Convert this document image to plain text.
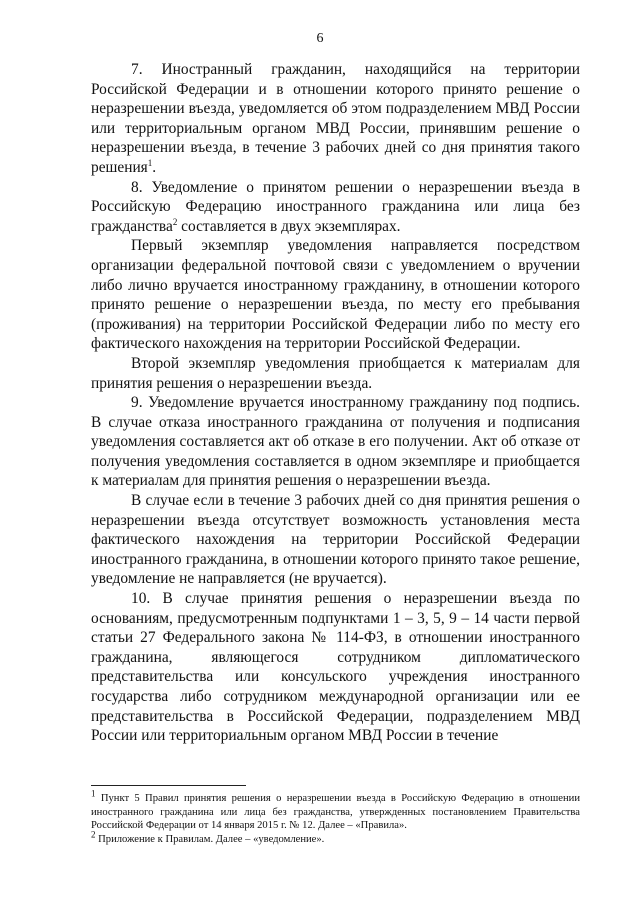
6

7. Иностранный гражданин, находящийся на территории Российской Федерации и в отношении которого принято решение о неразрешении въезда, уведомляется об этом подразделением МВД России или территориальным органом МВД России, принявшим решение о неразрешении въезда, в течение 3 рабочих дней со дня принятия такого решения$^1$.

8. Уведомление о принятом решении о неразрешении въезда в Российскую Федерацию иностранного гражданина или лица без гражданства$^2$ составляется в двух экземплярах.

Первый экземпляр уведомления направляется посредством организации федеральной почтовой связи с уведомлением о вручении либо лично вручается иностранному гражданину, в отношении которого принято решение о неразрешении въезда, по месту его пребывания (проживания) на территории Российской Федерации либо по месту его фактического нахождения на территории Российской Федерации.

Второй экземпляр уведомления приобщается к материалам для принятия решения о неразрешении въезда.

9. Уведомление вручается иностранному гражданину под подпись. В случае отказа иностранного гражданина от получения и подписания уведомления составляется акт об отказе в его получении. Акт об отказе от получения уведомления составляется в одном экземпляре и приобщается к материалам для принятия решения о неразрешении въезда.

В случае если в течение 3 рабочих дней со дня принятия решения о неразрешении въезда отсутствует возможность установления места фактического нахождения на территории Российской Федерации иностранного гражданина, в отношении которого принято такое решение, уведомление не направляется (не вручается).

10. В случае принятия решения о неразрешении въезда по основаниям, предусмотренным подпунктами 1 – 3, 5, 9 – 14 части первой статьи 27 Федерального закона № 114-ФЗ, в отношении иностранного гражданина, являющегося сотрудником дипломатического представительства или консульского учреждения иностранного государства либо сотрудником международной организации или ее представительства в Российской Федерации, подразделением МВД России или территориальным органом МВД России в течение

$^1$ Пункт 5 Правил принятия решения о неразрешении въезда в Российскую Федерацию в отношении иностранного гражданина или лица без гражданства, утвержденных постановлением Правительства Российской Федерации от 14 января 2015 г. № 12. Далее – «Правила».

$^2$ Приложение к Правилам. Далее – «уведомление».
